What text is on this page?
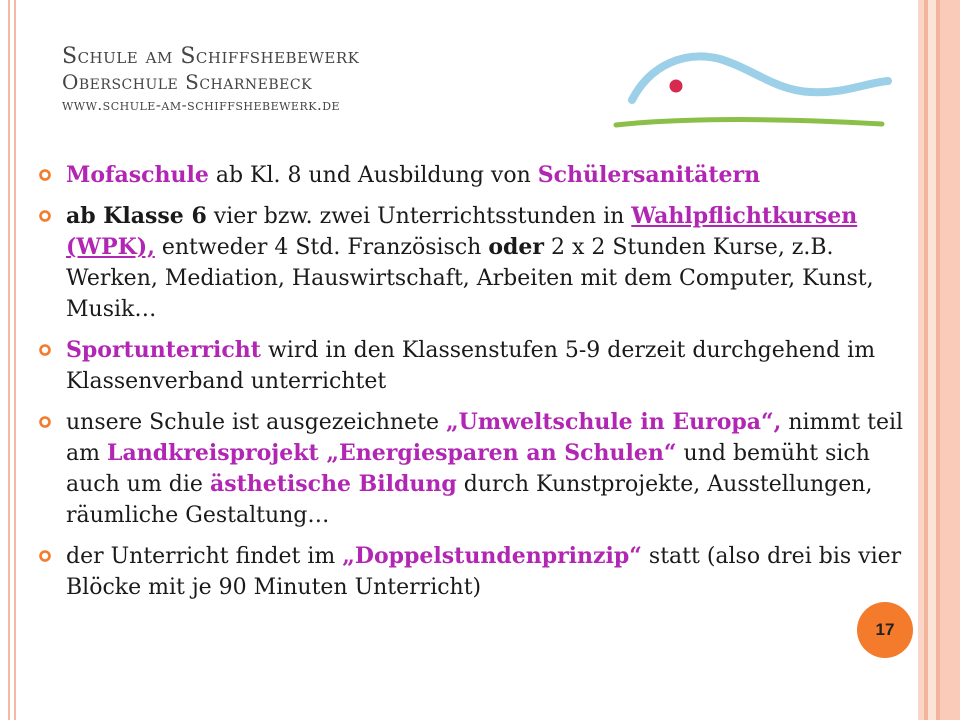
Schule am Schiffshebewerk
Oberschule Scharnebeck
www.schule-am-schiffshebewerk.de
Mofaschule ab Kl. 8 und Ausbildung von Schülersanitätern
ab Klasse 6 vier bzw. zwei Unterrichtsstunden in Wahlpflichtkursen (WPK), entweder 4 Std. Französisch oder 2 x 2 Stunden Kurse, z.B. Werken, Mediation, Hauswirtschaft, Arbeiten mit dem Computer, Kunst, Musik…
Sportunterricht wird in den Klassenstufen 5-9 derzeit durchgehend im Klassenverband unterrichtet
unsere Schule ist ausgezeichnete „Umweltschule in Europa“, nimmt teil am Landkreisprojekt „Energiesparen an Schulen“ und bemüht sich auch um die ästhetische Bildung durch Kunstprojekte, Ausstellungen, räumliche Gestaltung…
der Unterricht findet im „Doppelstundenprinzip“ statt (also drei bis vier Blöcke mit je 90 Minuten Unterricht)
17
